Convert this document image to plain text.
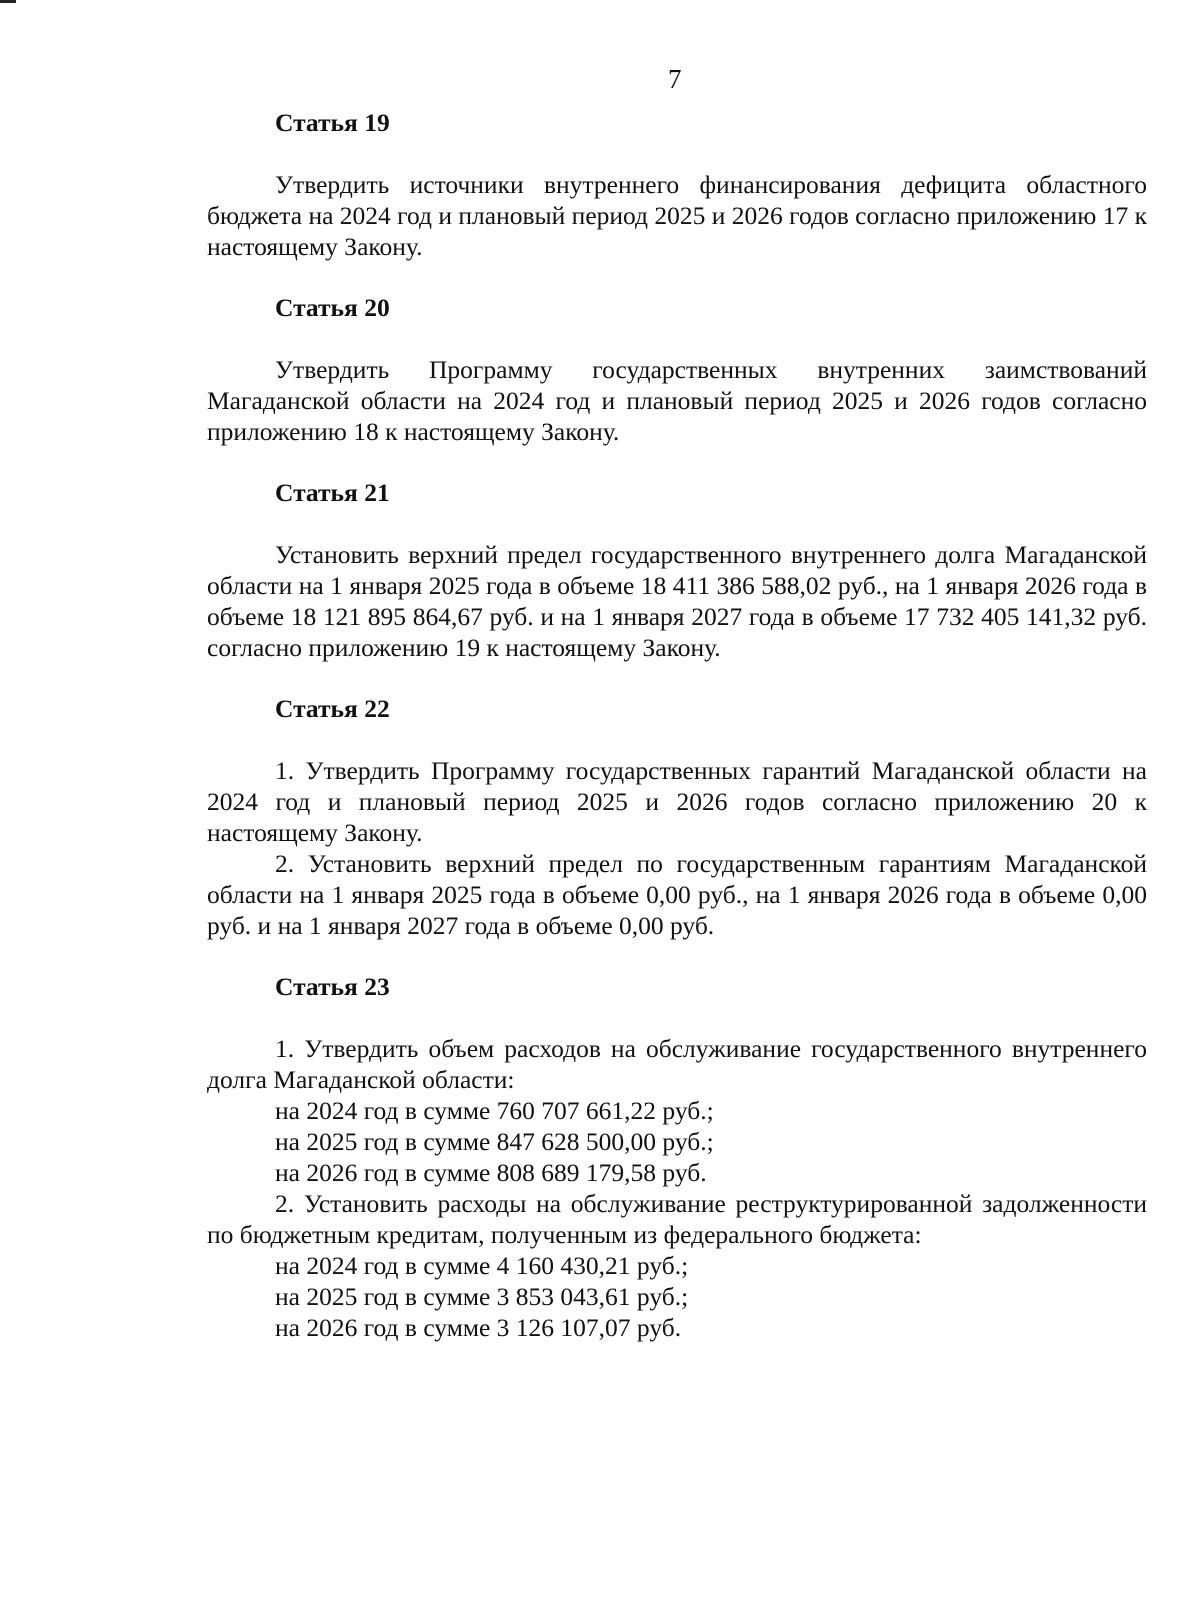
7
Статья 19

Утвердить источники внутреннего финансирования дефицита областного бюджета на 2024 год и плановый период 2025 и 2026 годов согласно приложению 17 к настоящему Закону.

Статья 20

Утвердить Программу государственных внутренних заимствований Магаданской области на 2024 год и плановый период 2025 и 2026 годов согласно приложению 18 к настоящему Закону.

Статья 21

Установить верхний предел государственного внутреннего долга Магаданской области на 1 января 2025 года в объеме 18 411 386 588,02 руб., на 1 января 2026 года в объеме 18 121 895 864,67 руб. и на 1 января 2027 года в объеме 17 732 405 141,32 руб. согласно приложению 19 к настоящему Закону.

Статья 22

1. Утвердить Программу государственных гарантий Магаданской области на 2024 год и плановый период 2025 и 2026 годов согласно приложению 20 к настоящему Закону.

2. Установить верхний предел по государственным гарантиям Магаданской области на 1 января 2025 года в объеме 0,00 руб., на 1 января 2026 года в объеме 0,00 руб. и на 1 января 2027 года в объеме 0,00 руб.

Статья 23

1. Утвердить объем расходов на обслуживание государственного внутреннего долга Магаданской области:

на 2024 год в сумме 760 707 661,22 руб.;
на 2025 год в сумме 847 628 500,00 руб.;
на 2026 год в сумме 808 689 179,58 руб.

2. Установить расходы на обслуживание реструктурированной задолженности по бюджетным кредитам, полученным из федерального бюджета:

на 2024 год в сумме 4 160 430,21 руб.;
на 2025 год в сумме 3 853 043,61 руб.;
на 2026 год в сумме 3 126 107,07 руб.
